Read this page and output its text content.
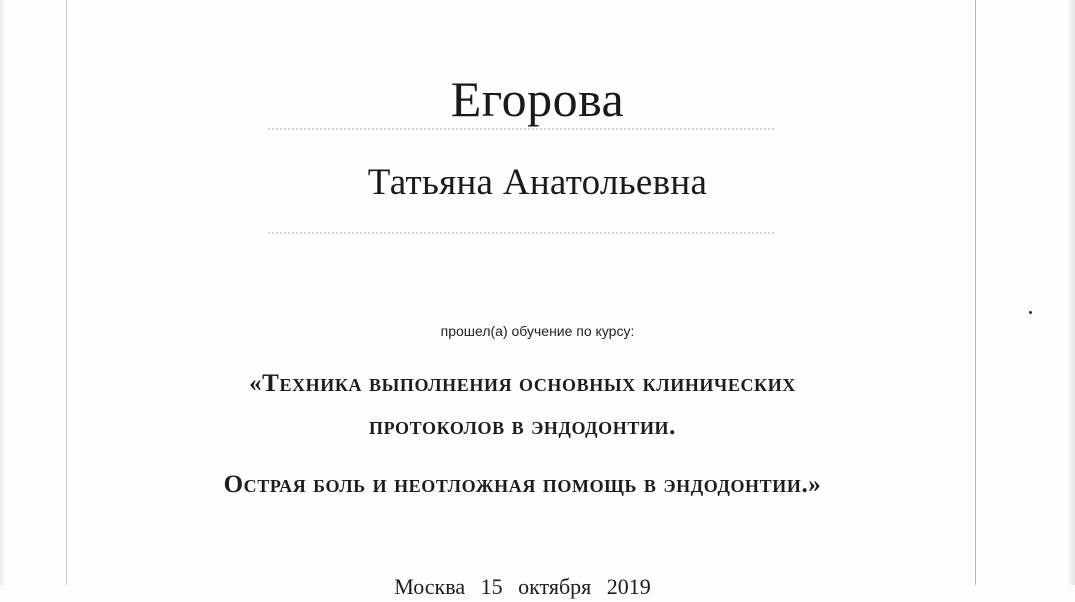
Егорова
Татьяна Анатольевна
прошел(а) обучение по курсу:
«Техника выполнения основных клинических
протоколов в эндодонтии.
Острая боль и неотложная помощь в эндодонтии.»
Москва 15 октября 2019
